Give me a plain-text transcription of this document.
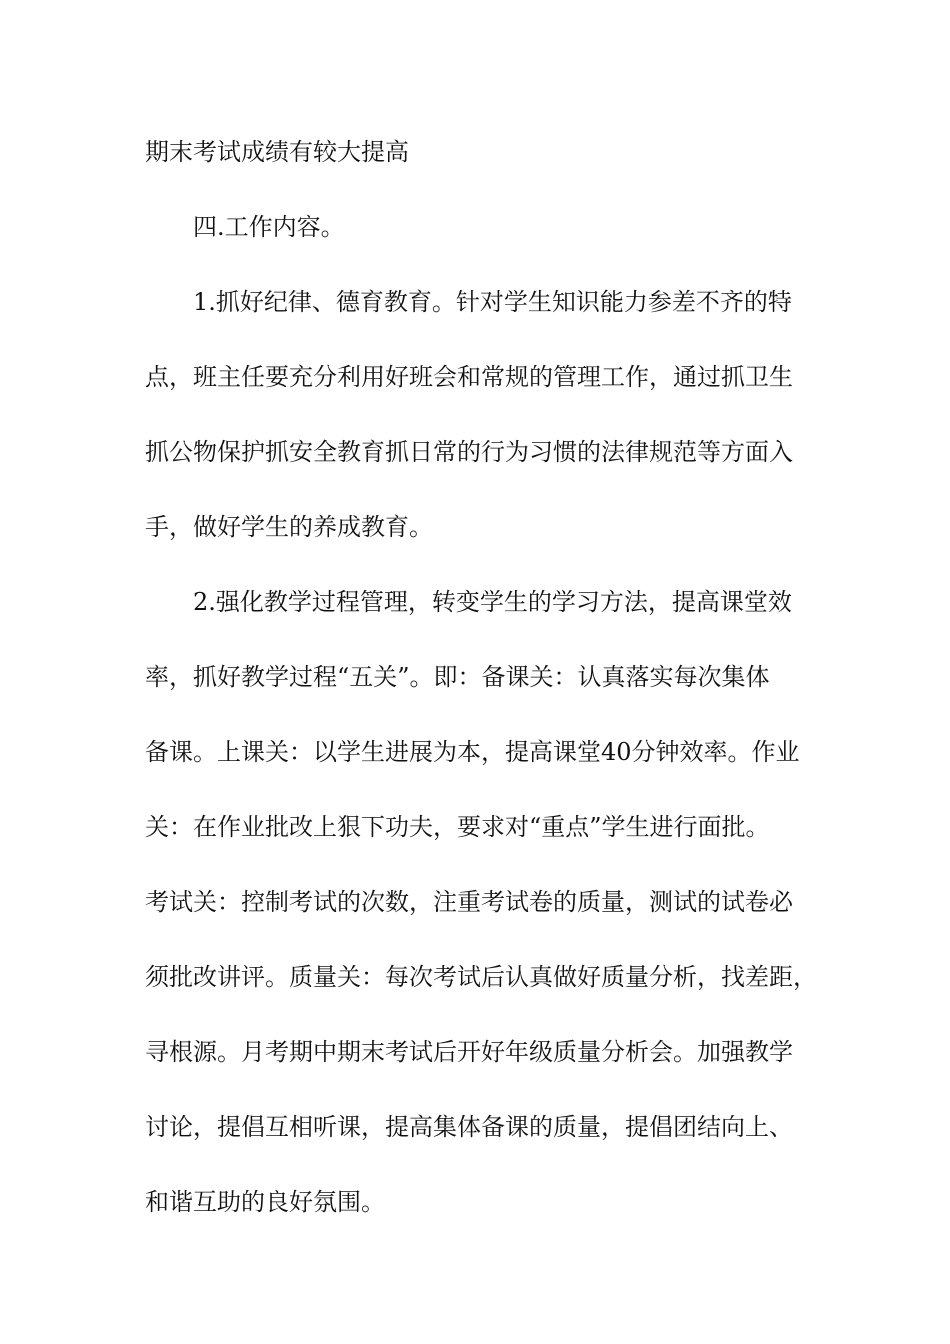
期末考试成绩有较大提高
四.工作内容。
1.抓好纪律、德育教育。针对学生知识能力参差不齐的特
点，班主任要充分利用好班会和常规的管理工作，通过抓卫生
抓公物保护抓安全教育抓日常的行为习惯的法律规范等方面入
手，做好学生的养成教育。
2.强化教学过程管理，转变学生的学习方法，提高课堂效
率，抓好教学过程“五关”。即：备课关：认真落实每次集体
备课。上课关：以学生进展为本，提高课堂40分钟效率。作业
关：在作业批改上狠下功夫，要求对“重点”学生进行面批。
考试关：控制考试的次数，注重考试卷的质量，测试的试卷必
须批改讲评。质量关：每次考试后认真做好质量分析，找差距，
寻根源。月考期中期末考试后开好年级质量分析会。加强教学
讨论，提倡互相听课，提高集体备课的质量，提倡团结向上、
和谐互助的良好氛围。
